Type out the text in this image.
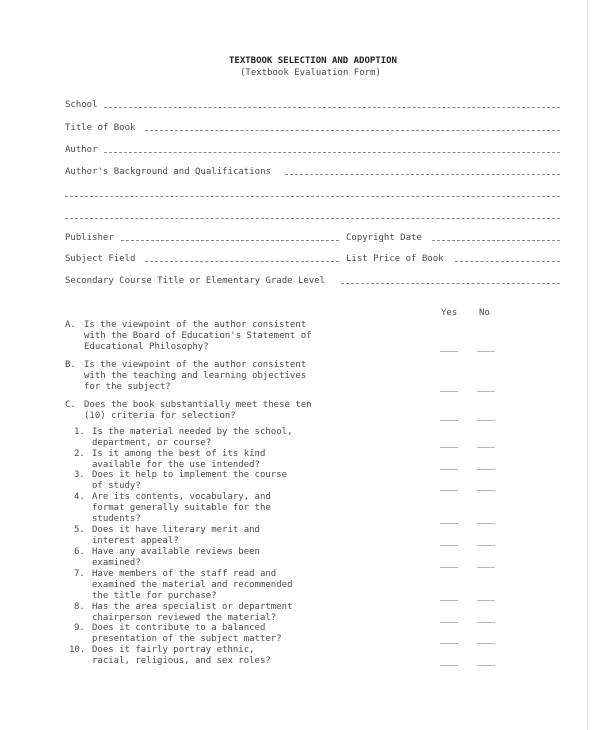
TEXTBOOK SELECTION AND ADOPTION
(Textbook Evaluation Form)
School
Title of Book
Author
Author's Background and Qualifications
Publisher	Copyright Date
Subject Field	List Price of Book
Secondary Course Title or Elementary Grade Level
Yes No
A. Is the viewpoint of the author consistent
with the Board of Education's Statement of
Educational Philosophy?
B. Is the viewpoint of the author consistent
with the teaching and learning objectives
for the subject?
C. Does the book substantially meet these ten
(10) criteria for selection?
1. Is the material needed by the school,
department, or course?
2. Is it among the best of its kind
available for the use intended?
3. Does it help to implement the course
of study?
4. Are its contents, vocabulary, and
format generally suitable for the
students?
5. Does it have literary merit and
interest appeal?
6. Have any available reviews been
examined?
7. Have members of the staff read and
examined the material and recommended
the title for purchase?
8. Has the area specialist or department
chairperson reviewed the material?
9. Does it contribute to a balanced
presentation of the subject matter?
10. Does it fairly portray ethnic,
racial, religious, and sex roles?
